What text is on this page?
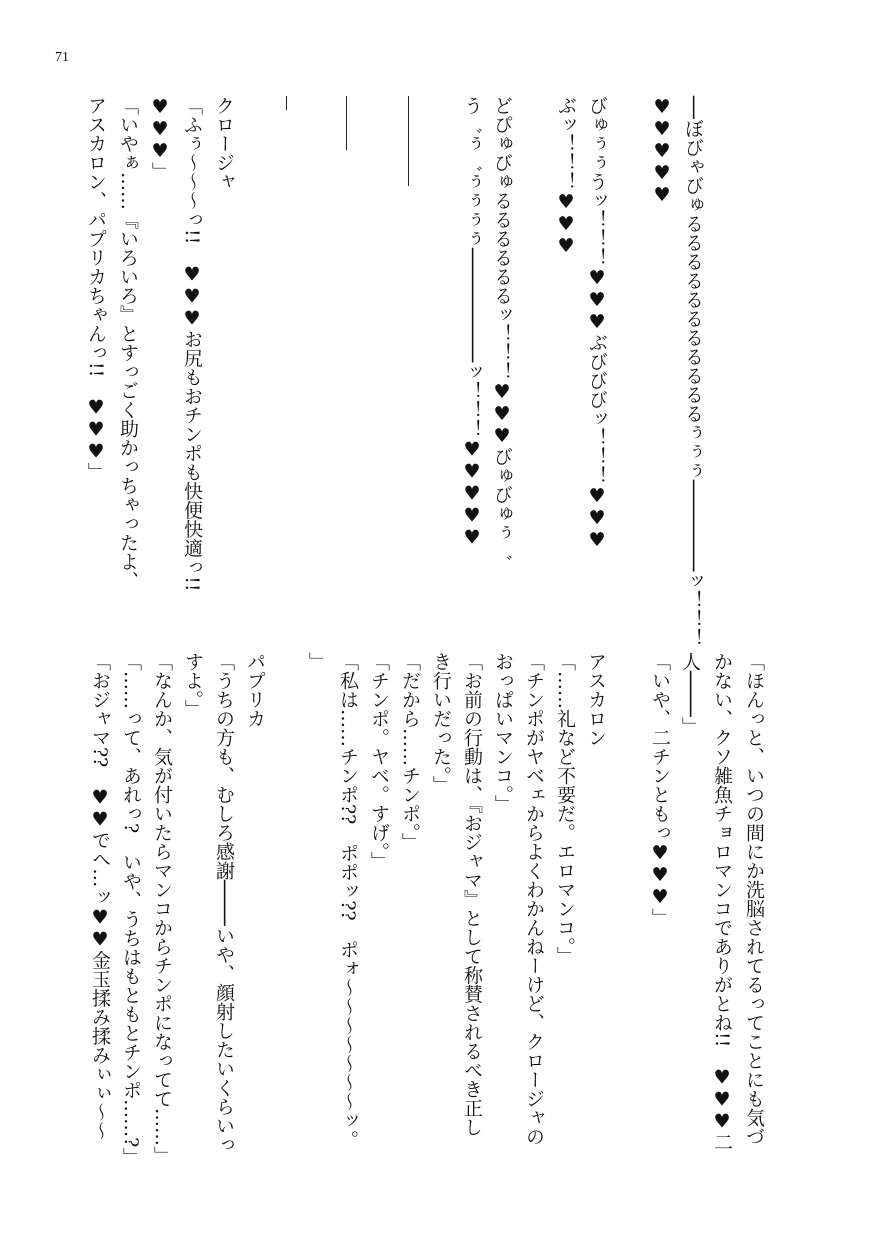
71
──ぼびゃびゅるるるるるるるるるるるぅぅぅ────────ッ！！！
♥♥♥♥♥
ぶッ！！！♥♥♥ びゅぅぅうッ！！！♥♥♥ぶびびびッ！！！♥♥♥
どぴゅびゅるるるるるるッ！！！♥♥♥びゅびゅぅ゛
う゛ぅ゛ぅぅぅぅ──────────ッ！！！♥♥♥♥♥
クロージャ
「ふぅ～～～っ!!　♥♥♥お尻もおチンポも快便快適っ!!
♥♥♥」
「いやぁ……『いろいろ』とすっごく助かっちゃったよ、
アスカロン、パプリカちゃんっ!!　♥♥♥」
「ほんっと、いつの間にか洗脳されてるってことにも気づ
かない、クソ雑魚チョロマンコでありがとね!!　♥♥♥二
人────」
「いや、二チンともっ♥♥♥」
アスカロン
「……礼など不要だ。エロマンコ。」
「チンポがヤベェからよくわかんねーけど、クロージャの
おっぱいマンコ。」
「お前の行動は、『おジャマ』として称賛されるべき正し
き行いだった。」
「だから……チンポ。」
「チンポ。ヤベ。すげ。」
「私は……チンポ??　ポポッ??　ポォ～～～～～～～ッ。
」
パプリカ
「うちの方も、むしろ感謝────いや、顔射したいくらいっ
すよ。」
「なんか、気が付いたらマンコからチンポになってて……」
「……って、あれっ?　いや、うちはもともとチンポ……?」
「おジャマ??　♥♥でへ…ッ♥♥金玉揉み揉みぃぃ～～
